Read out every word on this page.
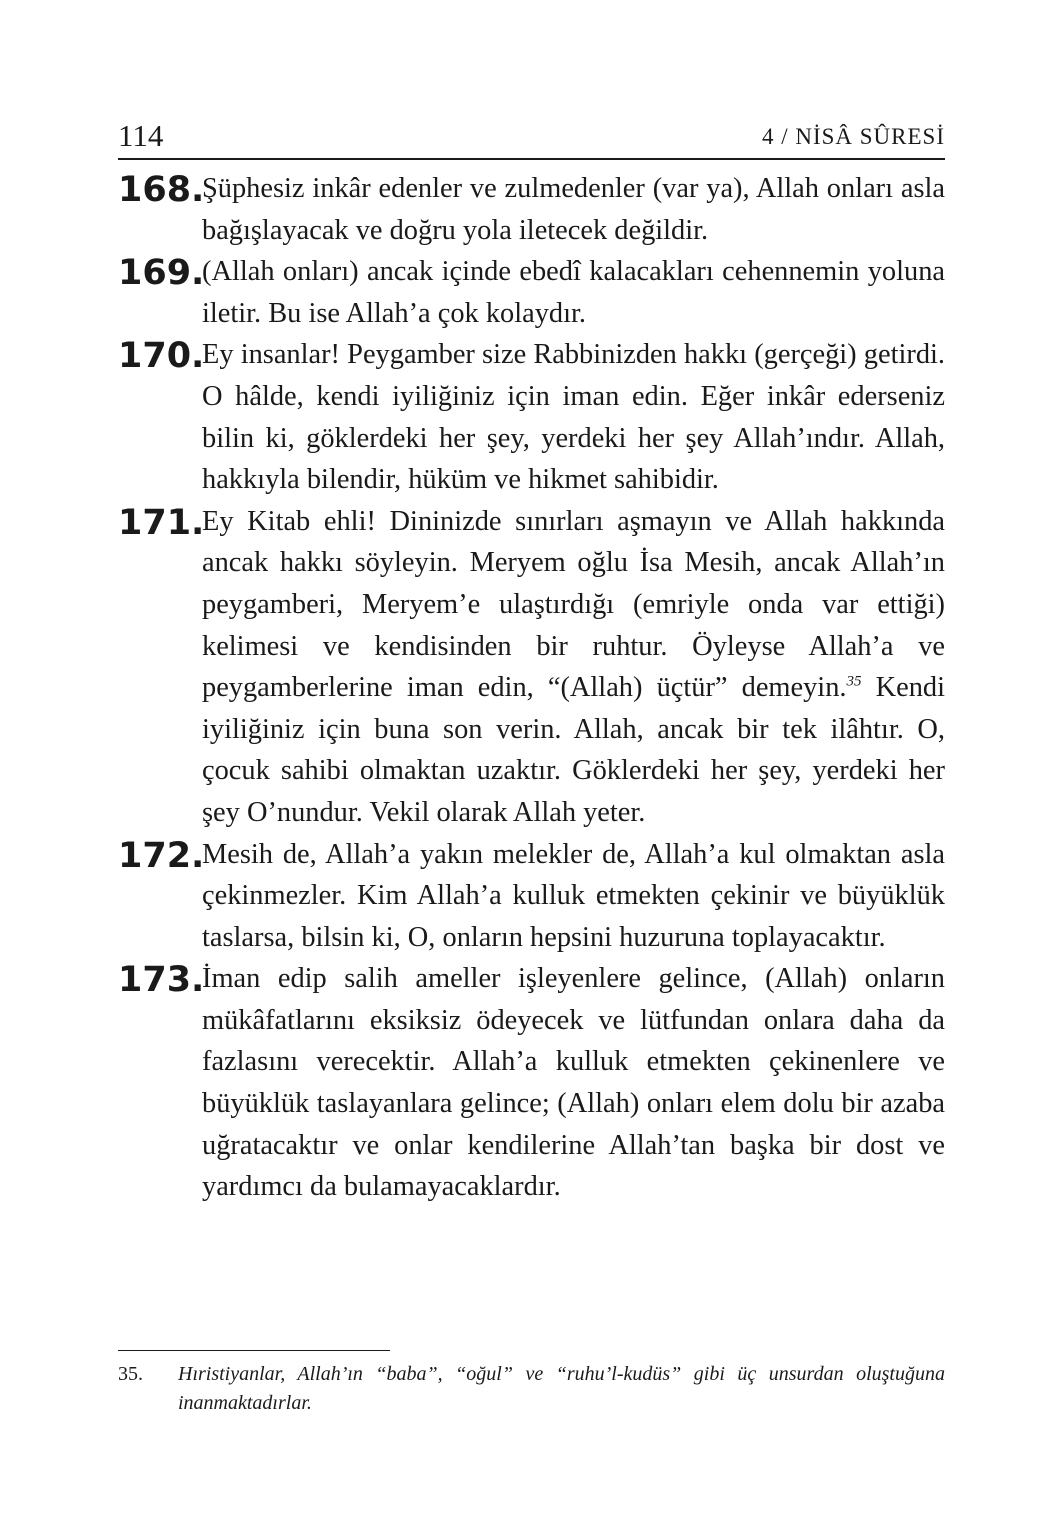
114	4 / NİSÂ SÛRESİ
168.
Şüphesiz inkâr edenler ve zulmedenler (var ya), Allah onları asla bağışlayacak ve doğru yola iletecek değildir.
169.
(Allah onları) ancak içinde ebedî kalacakları cehennemin yoluna iletir. Bu ise Allah’a çok kolaydır.
170.
Ey insanlar! Peygamber size Rabbinizden hakkı (gerçeği) getirdi. O hâlde, kendi iyiliğiniz için iman edin. Eğer inkâr ederseniz bilin ki, göklerdeki her şey, yerdeki her şey Allah’ındır. Allah, hakkıyla bilendir, hüküm ve hikmet sahibidir.
171.
Ey Kitab ehli! Dininizde sınırları aşmayın ve Allah hakkında ancak hakkı söyleyin. Meryem oğlu İsa Mesih, ancak Allah’ın peygamberi, Meryem’e ulaştırdığı (emriyle onda var ettiği) kelimesi ve kendisinden bir ruhtur. Öyleyse Allah’a ve peygamberlerine iman edin, “(Allah) üçtür” demeyin.$^{35}$ Kendi iyiliğiniz için buna son verin. Allah, ancak bir tek ilâhtır. O, çocuk sahibi olmaktan uzaktır. Göklerdeki her şey, yerdeki her şey O’nundur. Vekil olarak Allah yeter.
172.
Mesih de, Allah’a yakın melekler de, Allah’a kul olmaktan asla çekinmezler. Kim Allah’a kulluk etmekten çekinir ve büyüklük taslarsa, bilsin ki, O, onların hepsini huzuruna toplayacaktır.
173.
İman edip salih ameller işleyenlere gelince, (Allah) onların mükâfatlarını eksiksiz ödeyecek ve lütfundan onlara daha da fazlasını verecektir. Allah’a kulluk etmekten çekinenlere ve büyüklük taslayanlara gelince; (Allah) onları elem dolu bir azaba uğratacaktır ve onlar kendilerine Allah’tan başka bir dost ve yardımcı da bulamayacaklardır.
35.	Hıristiyanlar, Allah’ın “baba”, “oğul” ve “ruhu’l-kudüs” gibi üç unsurdan oluştuğuna inanmaktadırlar.
